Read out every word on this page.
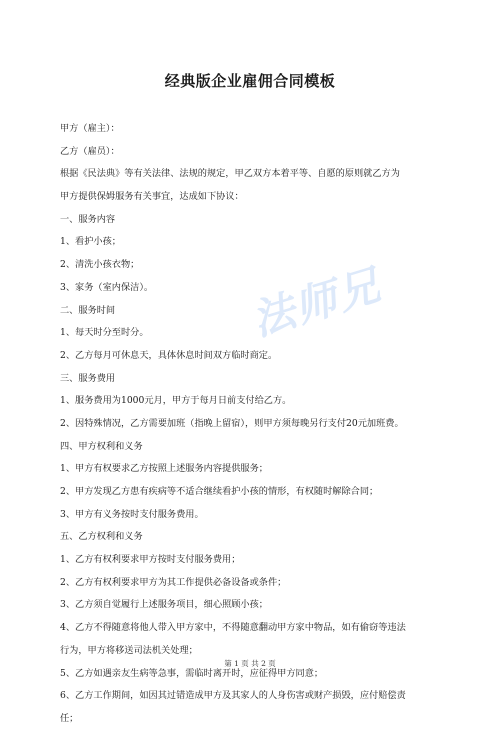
经典版企业雇佣合同模板
甲方（雇主）：
乙方（雇员）：
根据《民法典》等有关法律、法规的规定，甲乙双方本着平等、自愿的原则就乙方为
甲方提供保姆服务有关事宜，达成如下协议：
一、服务内容
1、看护小孩；
2、清洗小孩衣物；
3、家务（室内保洁）。
二、服务时间
1、每天时分至时分。
2、乙方每月可休息天，具体休息时间双方临时商定。
三、服务费用
1、服务费用为1000元月，甲方于每月日前支付给乙方。
2、因特殊情况，乙方需要加班（指晚上留宿），则甲方须每晚另行支付20元加班费。
四、甲方权利和义务
1、甲方有权要求乙方按照上述服务内容提供服务；
2、甲方发现乙方患有疾病等不适合继续看护小孩的情形，有权随时解除合同；
3、甲方有义务按时支付服务费用。
五、乙方权利和义务
1、乙方有权利要求甲方按时支付服务费用；
2、乙方有权利要求甲方为其工作提供必备设备或条件；
3、乙方须自觉履行上述服务项目，细心照顾小孩；
4、乙方不得随意将他人带入甲方家中，不得随意翻动甲方家中物品，如有偷窃等违法
行为，甲方将移送司法机关处理；
5、乙方如遇亲友生病等急事，需临时离开时，应征得甲方同意；
6、乙方工作期间，如因其过错造成甲方及其家人的人身伤害或财产损毁，应付赔偿责
任；
法师兄
第 1 页 共 2 页
